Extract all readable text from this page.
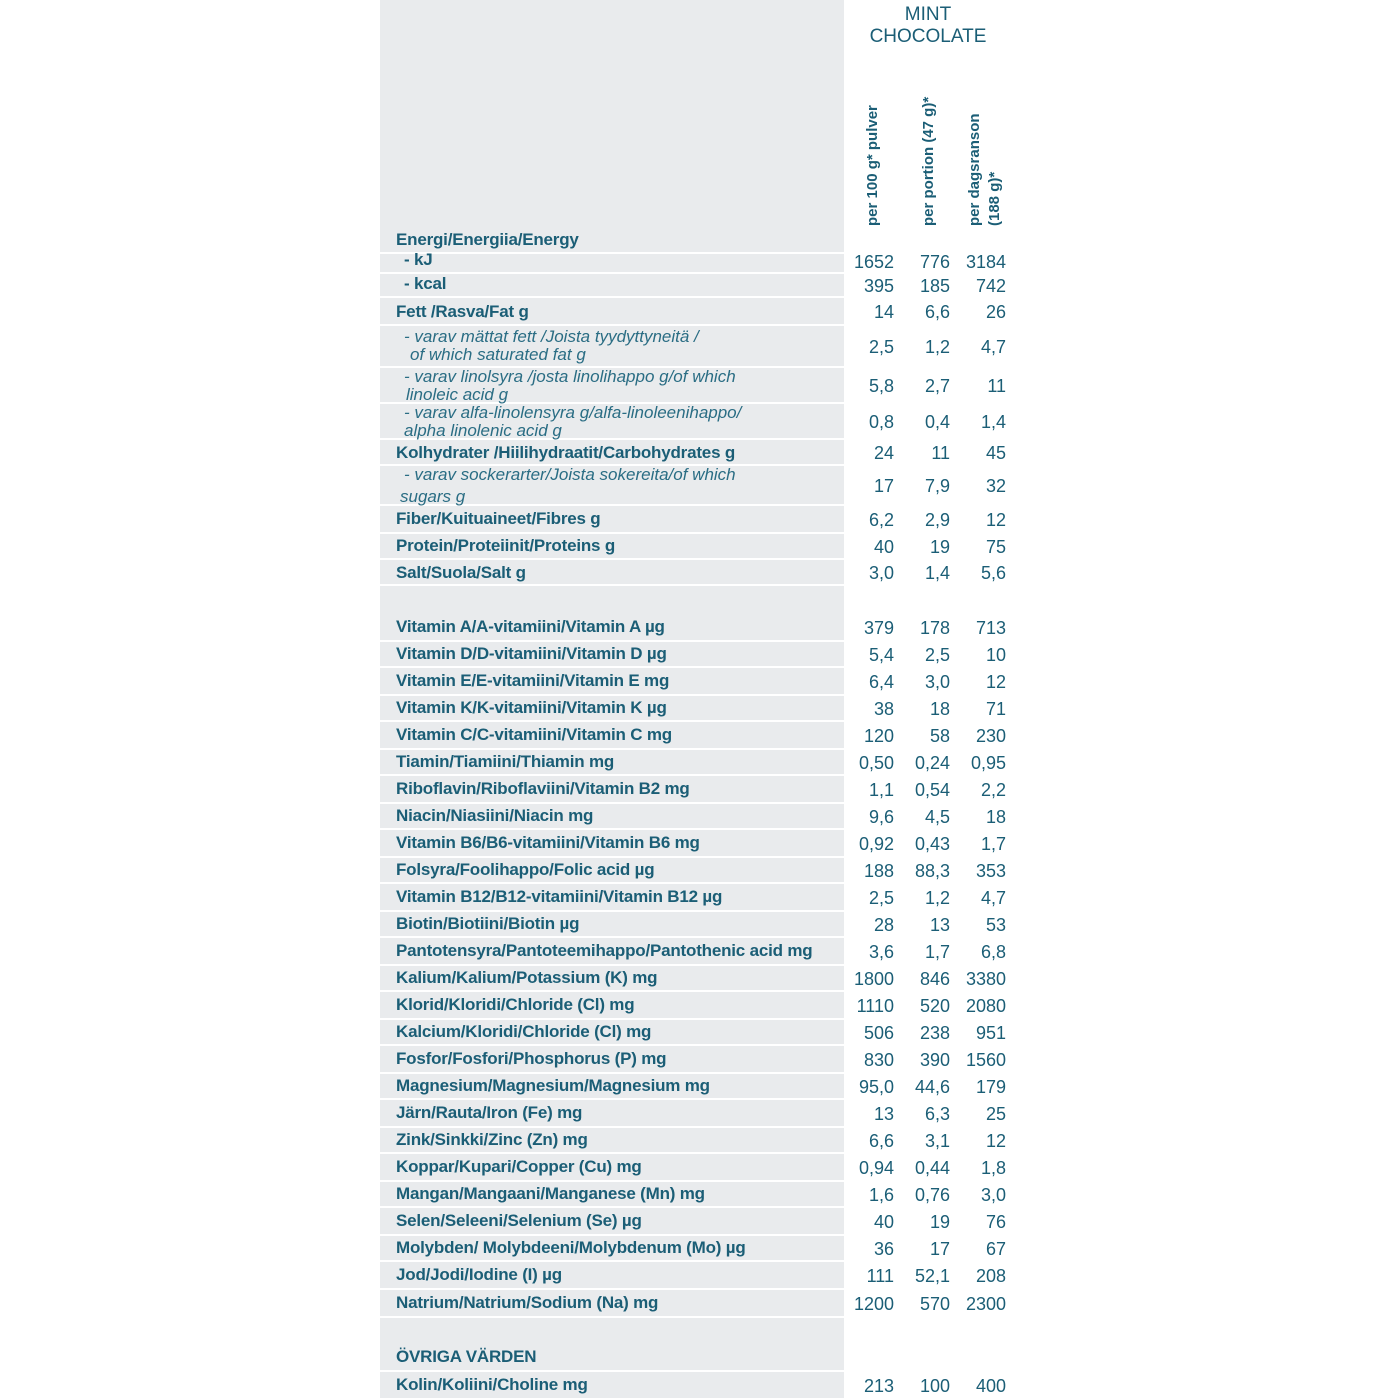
MINT
CHOCOLATE
per 100 g* pulver	per portion (47 g)* per dagsranson (188 g)*
Energi/Energiia/Energy
- kJ	1652	776 3184
- kcal	395	185	742
Fett /Rasva/Fat g	14	6,6	26
- varav mättat fett /Joista tyydyttyneitä /
of which saturated fat g	2,5	1,2	4,7
- varav linolsyra /josta linolihappo g/of which
linoleic acid g	5,8	2,7	11
- varav alfa-linolensyra g/alfa-linoleenihappo/
alpha linolenic acid g	0,8	0,4	1,4
Kolhydrater /Hiilihydraatit/Carbohydrates g	24	11	45
- varav sockerarter/Joista sokereita/of which
sugars g
17	7,9	32
Fiber/Kuituaineet/Fibres g	6,2	2,9	12
Protein/Proteiinit/Proteins g	40	19	75
Salt/Suola/Salt g	3,0	1,4	5,6
Vitamin A/A-vitamiini/Vitamin A µg	379	178	713
Vitamin D/D-vitamiini/Vitamin D µg	5,4	2,5	10
Vitamin E/E-vitamiini/Vitamin E mg	6,4	3,0	12
Vitamin K/K-vitamiini/Vitamin K µg	38	18	71
Vitamin C/C-vitamiini/Vitamin C mg	120	58	230
Tiamin/Tiamiini/Thiamin mg	0,50	0,24	0,95
Riboflavin/Riboflaviini/Vitamin B2 mg	1,1	0,54	2,2
Niacin/Niasiini/Niacin mg	9,6	4,5	18
Vitamin B6/B6-vitamiini/Vitamin B6 mg	0,92	0,43	1,7
Folsyra/Foolihappo/Folic acid µg	188	88,3	353
Vitamin B12/B12-vitamiini/Vitamin B12 µg	2,5	1,2	4,7
Biotin/Biotiini/Biotin µg	28	13	53
Pantotensyra/Pantoteemihappo/Pantothenic acid mg	3,6	1,7	6,8
Kalium/Kalium/Potassium (K) mg	1800	846 3380
Klorid/Kloridi/Chloride (Cl) mg	1110	520 2080
Kalcium/Kloridi/Chloride (Cl) mg	506	238	951
Fosfor/Fosfori/Phosphorus (P) mg	830	390 1560
Magnesium/Magnesium/Magnesium mg	95,0	44,6	179
Järn/Rauta/Iron (Fe) mg	13	6,3	25
Zink/Sinkki/Zinc (Zn) mg	6,6	3,1	12
Koppar/Kupari/Copper (Cu) mg	0,94	0,44	1,8
Mangan/Mangaani/Manganese (Mn) mg	1,6	0,76	3,0
Selen/Seleeni/Selenium (Se) µg	40	19	76
Molybden/ Molybdeeni/Molybdenum (Mo) µg	36	17	67
Jod/Jodi/Iodine (I) µg	111	52,1	208
Natrium/Natrium/Sodium (Na) mg	1200	570 2300
ÖVRIGA VÄRDEN
Kolin/Koliini/Choline mg	213	100	400
